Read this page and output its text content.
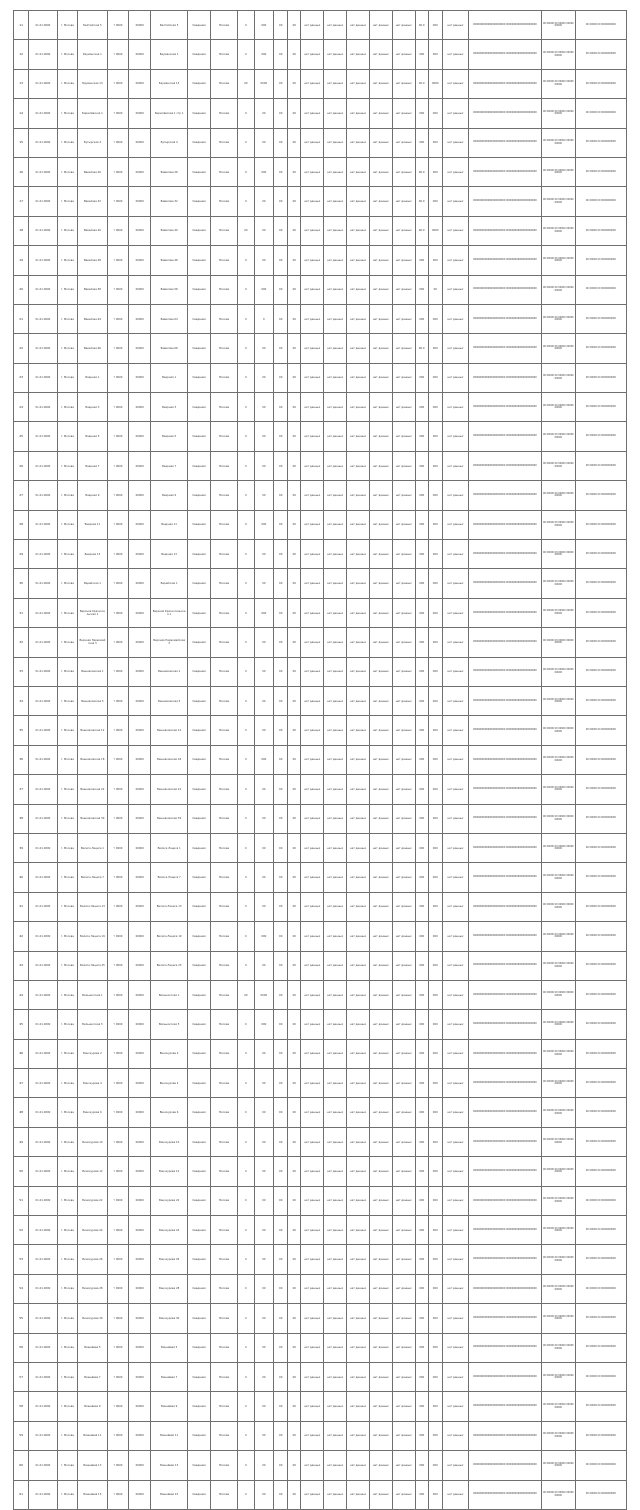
11	01.01.0000	г. Москва	Балтийская 5	т 0000	00000	Балтийская 5	Сведения	Москва	0	000	00	00	нет данных	нет данных	нет данных	нет данных	нет данных	00.0	000	нет данных	0000000000000000000000 000000000000000000000	00 00000 00 00000 00000 00000	00 00000 00 0000000000
12	01.01.0000	г. Москва	Бауманская 1	т 0000	00000	Бауманская 1	Сведения	Москва	0	000	00	00	нет данных	нет данных	нет данных	нет данных	нет данных	000	000	нет данных	0000000000000000000000 000000000000000000000	00 00000 00 00000 00000 00000	00 00000 00 0000000000
13	01.01.0000	г. Москва	Бауманская 13	т 0000	00000	Бауманская 13	Сведения	Москва	00	0000	00	00	нет данных	нет данных	нет данных	нет данных	нет данных	00.0	0000	нет данных	0000000000000000000000 000000000000000000000	00 00000 00 00000 00000 00000	00 00000 00 0000000000
14	01.01.0000	г. Москва	Бирюлёвская 1	т 0000	00000	Бирюлёвская 1 стр 1	Сведения	Москва	0	00	00	00	нет данных	нет данных	нет данных	нет данных	нет данных	000	000	нет данных	0000000000000000000000 000000000000000000000	00 00000 00 00000 00000 00000	00 00000 00 0000000000
15	01.01.0000	г. Москва	Бутырская 4	т 0000	00000	Бутырская 4	Сведения	Москва	0	00	00	00	нет данных	нет данных	нет данных	нет данных	нет данных	000	000	нет данных	0000000000000000000000 000000000000000000000	00 00000 00 00000 00000 00000	00 00000 00 0000000000
16	01.01.0000	г. Москва	Вавилова 26	т 0000	00000	Вавилова 26	Сведения	Москва	0	000	00	00	нет данных	нет данных	нет данных	нет данных	нет данных	00.0	000	нет данных	0000000000000000000000 000000000000000000000	00 00000 00 00000 00000 00000	00 00000 00 0000000000
17	01.01.0000	г. Москва	Вавилова 32	т 0000	00000	Вавилова 32	Сведения	Москва	0	00	00	00	нет данных	нет данных	нет данных	нет данных	нет данных	00.0	000	нет данных	0000000000000000000000 000000000000000000000	00 00000 00 00000 00000 00000	00 00000 00 0000000000
18	01.01.0000	г. Москва	Вавилова 40	т 0000	00000	Вавилова 40	Сведения	Москва	00	00	00	00	нет данных	нет данных	нет данных	нет данных	нет данных	00.0	0000	нет данных	0000000000000000000000 000000000000000000000	00 00000 00 00000 00000 00000	00 00000 00 0000000000
19	01.01.0000	г. Москва	Вавилова 48	т 0000	00000	Вавилова 48	Сведения	Москва	0	00	00	00	нет данных	нет данных	нет данных	нет данных	нет данных	000	000	нет данных	0000000000000000000000 000000000000000000000	00 00000 00 00000 00000 00000	00 00000 00 0000000000
20	01.01.0000	г. Москва	Вавилова 58	т 0000	00000	Вавилова 58	Сведения	Москва	0	000	00	00	нет данных	нет данных	нет данных	нет данных	нет данных	000	00	нет данных	0000000000000000000000 000000000000000000000	00 00000 00 00000 00000 00000	00 00000 00 0000000000
21	01.01.0000	г. Москва	Вавилова 64	т 0000	00000	Вавилова 64	Сведения	Москва	0	0	00	00	нет данных	нет данных	нет данных	нет данных	нет данных	000	000	нет данных	0000000000000000000000 000000000000000000000	00 00000 00 00000 00000 00000	00 00000 00 0000000000
22	01.01.0000	г. Москва	Вавилова 66	т 0000	00000	Вавилова 66	Сведения	Москва	0	00	00	00	нет данных	нет данных	нет данных	нет данных	нет данных	00.0	000	нет данных	0000000000000000000000 000000000000000000000	00 00000 00 00000 00000 00000	00 00000 00 0000000000
23	01.01.0000	г. Москва	Веерная 1	т 0000	00000	Веерная 1	Сведения	Москва	0	00	00	00	нет данных	нет данных	нет данных	нет данных	нет данных	000	000	нет данных	0000000000000000000000 000000000000000000000	00 00000 00 00000 00000 00000	00 00000 00 0000000000
24	01.01.0000	г. Москва	Веерная 3	т 0000	00000	Веерная 3	Сведения	Москва	0	00	00	00	нет данных	нет данных	нет данных	нет данных	нет данных	000	000	нет данных	0000000000000000000000 000000000000000000000	00 00000 00 00000 00000 00000	00 00000 00 0000000000
25	01.01.0000	г. Москва	Веерная 5	т 0000	00000	Веерная 5	Сведения	Москва	0	00	00	00	нет данных	нет данных	нет данных	нет данных	нет данных	000	000	нет данных	0000000000000000000000 000000000000000000000	00 00000 00 00000 00000 00000	00 00000 00 0000000000
26	01.01.0000	г. Москва	Веерная 7	т 0000	00000	Веерная 7	Сведения	Москва	0	00	00	00	нет данных	нет данных	нет данных	нет данных	нет данных	000	000	нет данных	0000000000000000000000 000000000000000000000	00 00000 00 00000 00000 00000	00 00000 00 0000000000
27	01.01.0000	г. Москва	Веерная 9	т 0000	00000	Веерная 9	Сведения	Москва	0	00	00	00	нет данных	нет данных	нет данных	нет данных	нет данных	000	000	нет данных	0000000000000000000000 000000000000000000000	00 00000 00 00000 00000 00000	00 00000 00 0000000000
28	01.01.0000	г. Москва	Веерная 11	т 0000	00000	Веерная 11	Сведения	Москва	0	000	00	00	нет данных	нет данных	нет данных	нет данных	нет данных	000	000	нет данных	0000000000000000000000 000000000000000000000	00 00000 00 00000 00000 00000	00 00000 00 0000000000
29	01.01.0000	г. Москва	Веерная 13	т 0000	00000	Веерная 13	Сведения	Москва	0	00	00	00	нет данных	нет данных	нет данных	нет данных	нет данных	000	000	нет данных	0000000000000000000000 000000000000000000000	00 00000 00 00000 00000 00000	00 00000 00 0000000000
30	01.01.0000	г. Москва	Верейская 1	т 0000	00000	Верейская 1	Сведения	Москва	0	00	00	00	нет данных	нет данных	нет данных	нет данных	нет данных	000	000	нет данных	0000000000000000000000 000000000000000000000	00 00000 00 00000 00000 00000	00 00000 00 0000000000
31	01.01.0000	г. Москва	Верхняя Красносельская 1	т 0000	00000	Верхняя Красносельская 1	Сведения	Москва	0	000	00	00	нет данных	нет данных	нет данных	нет данных	нет данных	000	000	нет данных	0000000000000000000000 000000000000000000000	00 00000 00 00000 00000 00000	00 00000 00 0000000000
32	01.01.0000	г. Москва	Верхняя Первомайская 3	т 0000	00000	Верхняя Первомайская 3	Сведения	Москва	0	00	00	00	нет данных	нет данных	нет данных	нет данных	нет данных	000	000	нет данных	0000000000000000000000 000000000000000000000	00 00000 00 00000 00000 00000	00 00000 00 0000000000
33	01.01.0000	г. Москва	Вешняковская 1	т 0000	00000	Вешняковская 1	Сведения	Москва	0	00	00	00	нет данных	нет данных	нет данных	нет данных	нет данных	000	000	нет данных	0000000000000000000000 000000000000000000000	00 00000 00 00000 00000 00000	00 00000 00 0000000000
34	01.01.0000	г. Москва	Вешняковская 5	т 0000	00000	Вешняковская 5	Сведения	Москва	0	00	00	00	нет данных	нет данных	нет данных	нет данных	нет данных	000	000	нет данных	0000000000000000000000 000000000000000000000	00 00000 00 00000 00000 00000	00 00000 00 0000000000
35	01.01.0000	г. Москва	Вешняковская 12	т 0000	00000	Вешняковская 12	Сведения	Москва	0	00	00	00	нет данных	нет данных	нет данных	нет данных	нет данных	000	000	нет данных	0000000000000000000000 000000000000000000000	00 00000 00 00000 00000 00000	00 00000 00 0000000000
36	01.01.0000	г. Москва	Вешняковская 18	т 0000	00000	Вешняковская 18	Сведения	Москва	0	000	00	00	нет данных	нет данных	нет данных	нет данных	нет данных	000	000	нет данных	0000000000000000000000 000000000000000000000	00 00000 00 00000 00000 00000	00 00000 00 0000000000
37	01.01.0000	г. Москва	Вешняковская 22	т 0000	00000	Вешняковская 22	Сведения	Москва	0	00	00	00	нет данных	нет данных	нет данных	нет данных	нет данных	000	000	нет данных	0000000000000000000000 000000000000000000000	00 00000 00 00000 00000 00000	00 00000 00 0000000000
38	01.01.0000	г. Москва	Вешняковская 39	т 0000	00000	Вешняковская 39	Сведения	Москва	0	00	00	00	нет данных	нет данных	нет данных	нет данных	нет данных	000	000	нет данных	0000000000000000000000 000000000000000000000	00 00000 00 00000 00000 00000	00 00000 00 0000000000
39	01.01.0000	г. Москва	Вилиса Лациса 1	т 0000	00000	Вилиса Лациса 1	Сведения	Москва	0	00	00	00	нет данных	нет данных	нет данных	нет данных	нет данных	000	000	нет данных	0000000000000000000000 000000000000000000000	00 00000 00 00000 00000 00000	00 00000 00 0000000000
40	01.01.0000	г. Москва	Вилиса Лациса 7	т 0000	00000	Вилиса Лациса 7	Сведения	Москва	0	00	00	00	нет данных	нет данных	нет данных	нет данных	нет данных	000	000	нет данных	0000000000000000000000 000000000000000000000	00 00000 00 00000 00000 00000	00 00000 00 0000000000
41	01.01.0000	г. Москва	Вилиса Лациса 13	т 0000	00000	Вилиса Лациса 13	Сведения	Москва	0	00	00	00	нет данных	нет данных	нет данных	нет данных	нет данных	000	000	нет данных	0000000000000000000000 000000000000000000000	00 00000 00 00000 00000 00000	00 00000 00 0000000000
42	01.01.0000	г. Москва	Вилиса Лациса 19	т 0000	00000	Вилиса Лациса 19	Сведения	Москва	0	000	00	00	нет данных	нет данных	нет данных	нет данных	нет данных	000	000	нет данных	0000000000000000000000 000000000000000000000	00 00000 00 00000 00000 00000	00 00000 00 0000000000
43	01.01.0000	г. Москва	Вилиса Лациса 25	т 0000	00000	Вилиса Лациса 25	Сведения	Москва	0	00	00	00	нет данных	нет данных	нет данных	нет данных	нет данных	000	000	нет данных	0000000000000000000000 000000000000000000000	00 00000 00 00000 00000 00000	00 00000 00 0000000000
44	01.01.0000	г. Москва	Вильнюсская 1	т 0000	00000	Вильнюсская 1	Сведения	Москва	00	0000	00	00	нет данных	нет данных	нет данных	нет данных	нет данных	000	000	нет данных	0000000000000000000000 000000000000000000000	00 00000 00 00000 00000 00000	00 00000 00 0000000000
45	01.01.0000	г. Москва	Вильнюсская 5	т 0000	00000	Вильнюсская 5	Сведения	Москва	0	000	00	00	нет данных	нет данных	нет данных	нет данных	нет данных	000	000	нет данных	0000000000000000000000 000000000000000000000	00 00000 00 00000 00000 00000	00 00000 00 0000000000
46	01.01.0000	г. Москва	Винокурова 2	т 0000	00000	Винокурова 2	Сведения	Москва	0	00	00	00	нет данных	нет данных	нет данных	нет данных	нет данных	000	000	нет данных	0000000000000000000000 000000000000000000000	00 00000 00 00000 00000 00000	00 00000 00 0000000000
47	01.01.0000	г. Москва	Винокурова 4	т 0000	00000	Винокурова 4	Сведения	Москва	0	00	00	00	нет данных	нет данных	нет данных	нет данных	нет данных	000	000	нет данных	0000000000000000000000 000000000000000000000	00 00000 00 00000 00000 00000	00 00000 00 0000000000
48	01.01.0000	г. Москва	Винокурова 6	т 0000	00000	Винокурова 6	Сведения	Москва	0	00	00	00	нет данных	нет данных	нет данных	нет данных	нет данных	000	000	нет данных	0000000000000000000000 000000000000000000000	00 00000 00 00000 00000 00000	00 00000 00 0000000000
49	01.01.0000	г. Москва	Винокурова 10	т 0000	00000	Винокурова 10	Сведения	Москва	0	00	00	00	нет данных	нет данных	нет данных	нет данных	нет данных	000	000	нет данных	0000000000000000000000 000000000000000000000	00 00000 00 00000 00000 00000	00 00000 00 0000000000
50	01.01.0000	г. Москва	Винокурова 12	т 0000	00000	Винокурова 12	Сведения	Москва	0	00	00	00	нет данных	нет данных	нет данных	нет данных	нет данных	000	000	нет данных	0000000000000000000000 000000000000000000000	00 00000 00 00000 00000 00000	00 00000 00 0000000000
51	01.01.0000	г. Москва	Винокурова 22	т 0000	00000	Винокурова 22	Сведения	Москва	0	00	00	00	нет данных	нет данных	нет данных	нет данных	нет данных	000	000	нет данных	0000000000000000000000 000000000000000000000	00 00000 00 00000 00000 00000	00 00000 00 0000000000
52	01.01.0000	г. Москва	Винокурова 24	т 0000	00000	Винокурова 24	Сведения	Москва	0	00	00	00	нет данных	нет данных	нет данных	нет данных	нет данных	000	000	нет данных	0000000000000000000000 000000000000000000000	00 00000 00 00000 00000 00000	00 00000 00 0000000000
53	01.01.0000	г. Москва	Винокурова 26	т 0000	00000	Винокурова 26	Сведения	Москва	0	00	00	00	нет данных	нет данных	нет данных	нет данных	нет данных	000	000	нет данных	0000000000000000000000 000000000000000000000	00 00000 00 00000 00000 00000	00 00000 00 0000000000
54	01.01.0000	г. Москва	Винокурова 28	т 0000	00000	Винокурова 28	Сведения	Москва	0	00	00	00	нет данных	нет данных	нет данных	нет данных	нет данных	000	000	нет данных	0000000000000000000000 000000000000000000000	00 00000 00 00000 00000 00000	00 00000 00 0000000000
55	01.01.0000	г. Москва	Винокурова 30	т 0000	00000	Винокурова 30	Сведения	Москва	0	00	00	00	нет данных	нет данных	нет данных	нет данных	нет данных	000	000	нет данных	0000000000000000000000 000000000000000000000	00 00000 00 00000 00000 00000	00 00000 00 0000000000
56	01.01.0000	г. Москва	Вишнёвая 5	т 0000	00000	Вишнёвая 5	Сведения	Москва	0	00	00	00	нет данных	нет данных	нет данных	нет данных	нет данных	000	000	нет данных	0000000000000000000000 000000000000000000000	00 00000 00 00000 00000 00000	00 00000 00 0000000000
57	01.01.0000	г. Москва	Вишнёвая 7	т 0000	00000	Вишнёвая 7	Сведения	Москва	0	00	00	00	нет данных	нет данных	нет данных	нет данных	нет данных	000	000	нет данных	0000000000000000000000 000000000000000000000	00 00000 00 00000 00000 00000	00 00000 00 0000000000
58	01.01.0000	г. Москва	Вишнёвая 9	т 0000	00000	Вишнёвая 9	Сведения	Москва	0	00	00	00	нет данных	нет данных	нет данных	нет данных	нет данных	000	000	нет данных	0000000000000000000000 000000000000000000000	00 00000 00 00000 00000 00000	00 00000 00 0000000000
59	01.01.0000	г. Москва	Вишнёвая 11	т 0000	00000	Вишнёвая 11	Сведения	Москва	0	00	00	00	нет данных	нет данных	нет данных	нет данных	нет данных	000	000	нет данных	0000000000000000000000 000000000000000000000	00 00000 00 00000 00000 00000	00 00000 00 0000000000
60	01.01.0000	г. Москва	Вишнёвая 13	т 0000	00000	Вишнёвая 13	Сведения	Москва	0	00	00	00	нет данных	нет данных	нет данных	нет данных	нет данных	000	000	нет данных	0000000000000000000000 000000000000000000000	00 00000 00 00000 00000 00000	00 00000 00 0000000000
61	01.01.0000	г. Москва	Вишнёвая 15	т 0000	00000	Вишнёвая 15	Сведения	Москва	0	00	00	00	нет данных	нет данных	нет данных	нет данных	нет данных	000	000	нет данных	0000000000000000000000 000000000000000000000	00 00000 00 00000 00000 00000	00 00000 00 0000000000
